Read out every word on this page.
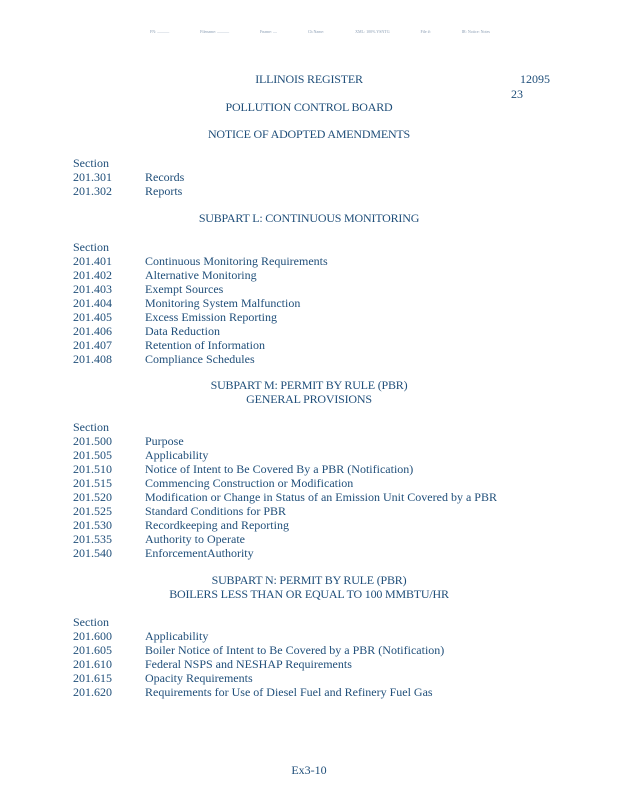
FN: ———	Filename: ———	Fname: —	Ch Name:	XML: 100% YSNTG	File #:	IR: Notice: Notes
ILLINOIS REGISTER	12095
23
POLLUTION CONTROL BOARD
NOTICE OF ADOPTED AMENDMENTS
Section
201.301	Records
201.302	Reports
SUBPART L: CONTINUOUS MONITORING
Section
201.401	Continuous Monitoring Requirements
201.402	Alternative Monitoring
201.403	Exempt Sources
201.404	Monitoring System Malfunction
201.405	Excess Emission Reporting
201.406	Data Reduction
201.407	Retention of Information
201.408	Compliance Schedules
SUBPART M: PERMIT BY RULE (PBR)
GENERAL PROVISIONS
Section
201.500	Purpose
201.505	Applicability
201.510	Notice of Intent to Be Covered By a PBR (Notification)
201.515	Commencing Construction or Modification
201.520	Modification or Change in Status of an Emission Unit Covered by a PBR
201.525	Standard Conditions for PBR
201.530	Recordkeeping and Reporting
201.535	Authority to Operate
201.540	EnforcementAuthority
SUBPART N: PERMIT BY RULE (PBR)
BOILERS LESS THAN OR EQUAL TO 100 MMBTU/HR
Section
201.600	Applicability
201.605	Boiler Notice of Intent to Be Covered by a PBR (Notification)
201.610	Federal NSPS and NESHAP Requirements
201.615	Opacity Requirements
201.620	Requirements for Use of Diesel Fuel and Refinery Fuel Gas
Ex3-10
